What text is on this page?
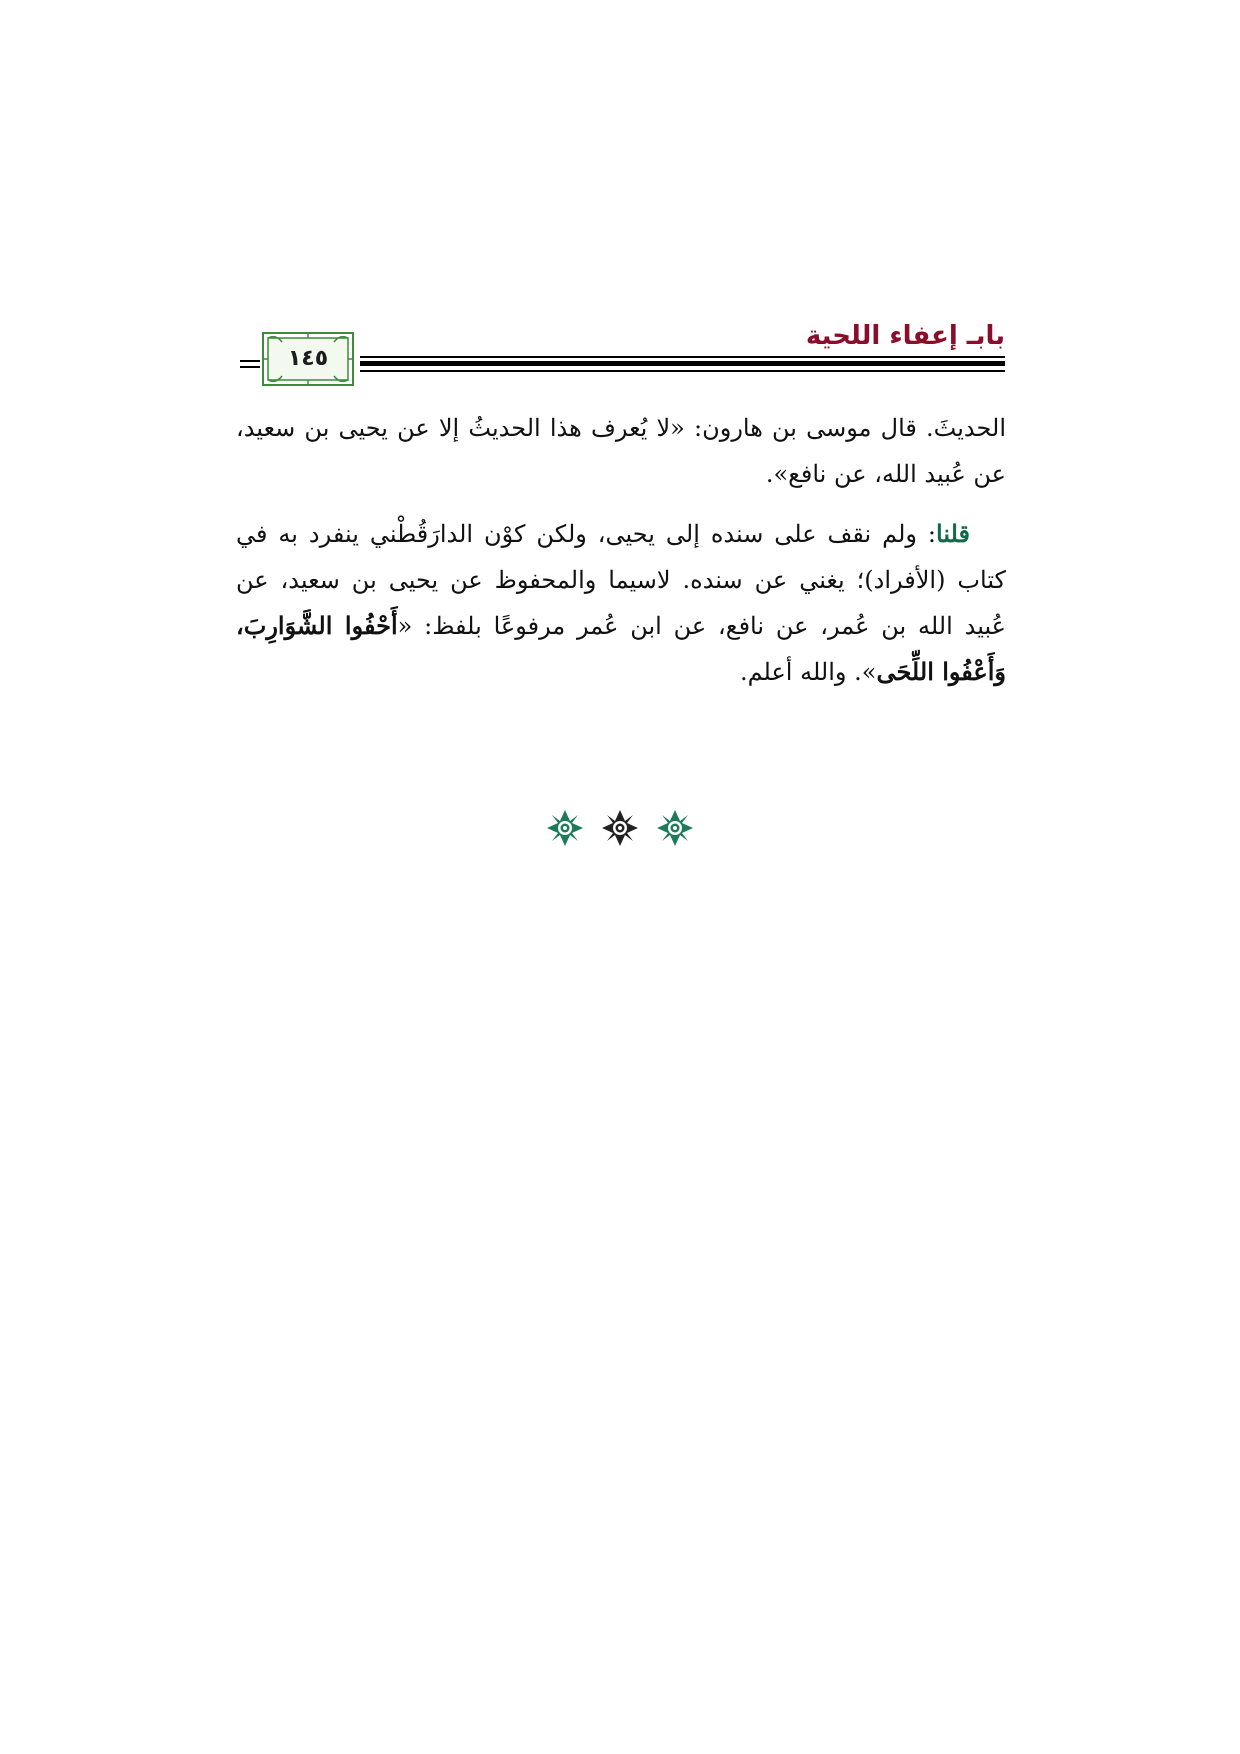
١٤٥
بابـ إعفاء اللحية

الحديثَ. قال موسى بن هارون: «لا يُعرف هذا الحديثُ إلا عن يحيى بن سعيد، عن عُبيد الله، عن نافع».

قلنا: ولم نقف على سنده إلى يحيى، ولكن كوْن الدارَقُطْني ينفرد به في كتاب (الأفراد)؛ يغني عن سنده. لاسيما والمحفوظ عن يحيى بن سعيد، عن عُبيد الله بن عُمر، عن نافع، عن ابن عُمر مرفوعًا بلفظ: «أَحْفُوا الشَّوَارِبَ، وَأَعْفُوا اللِّحَى». والله أعلم.
